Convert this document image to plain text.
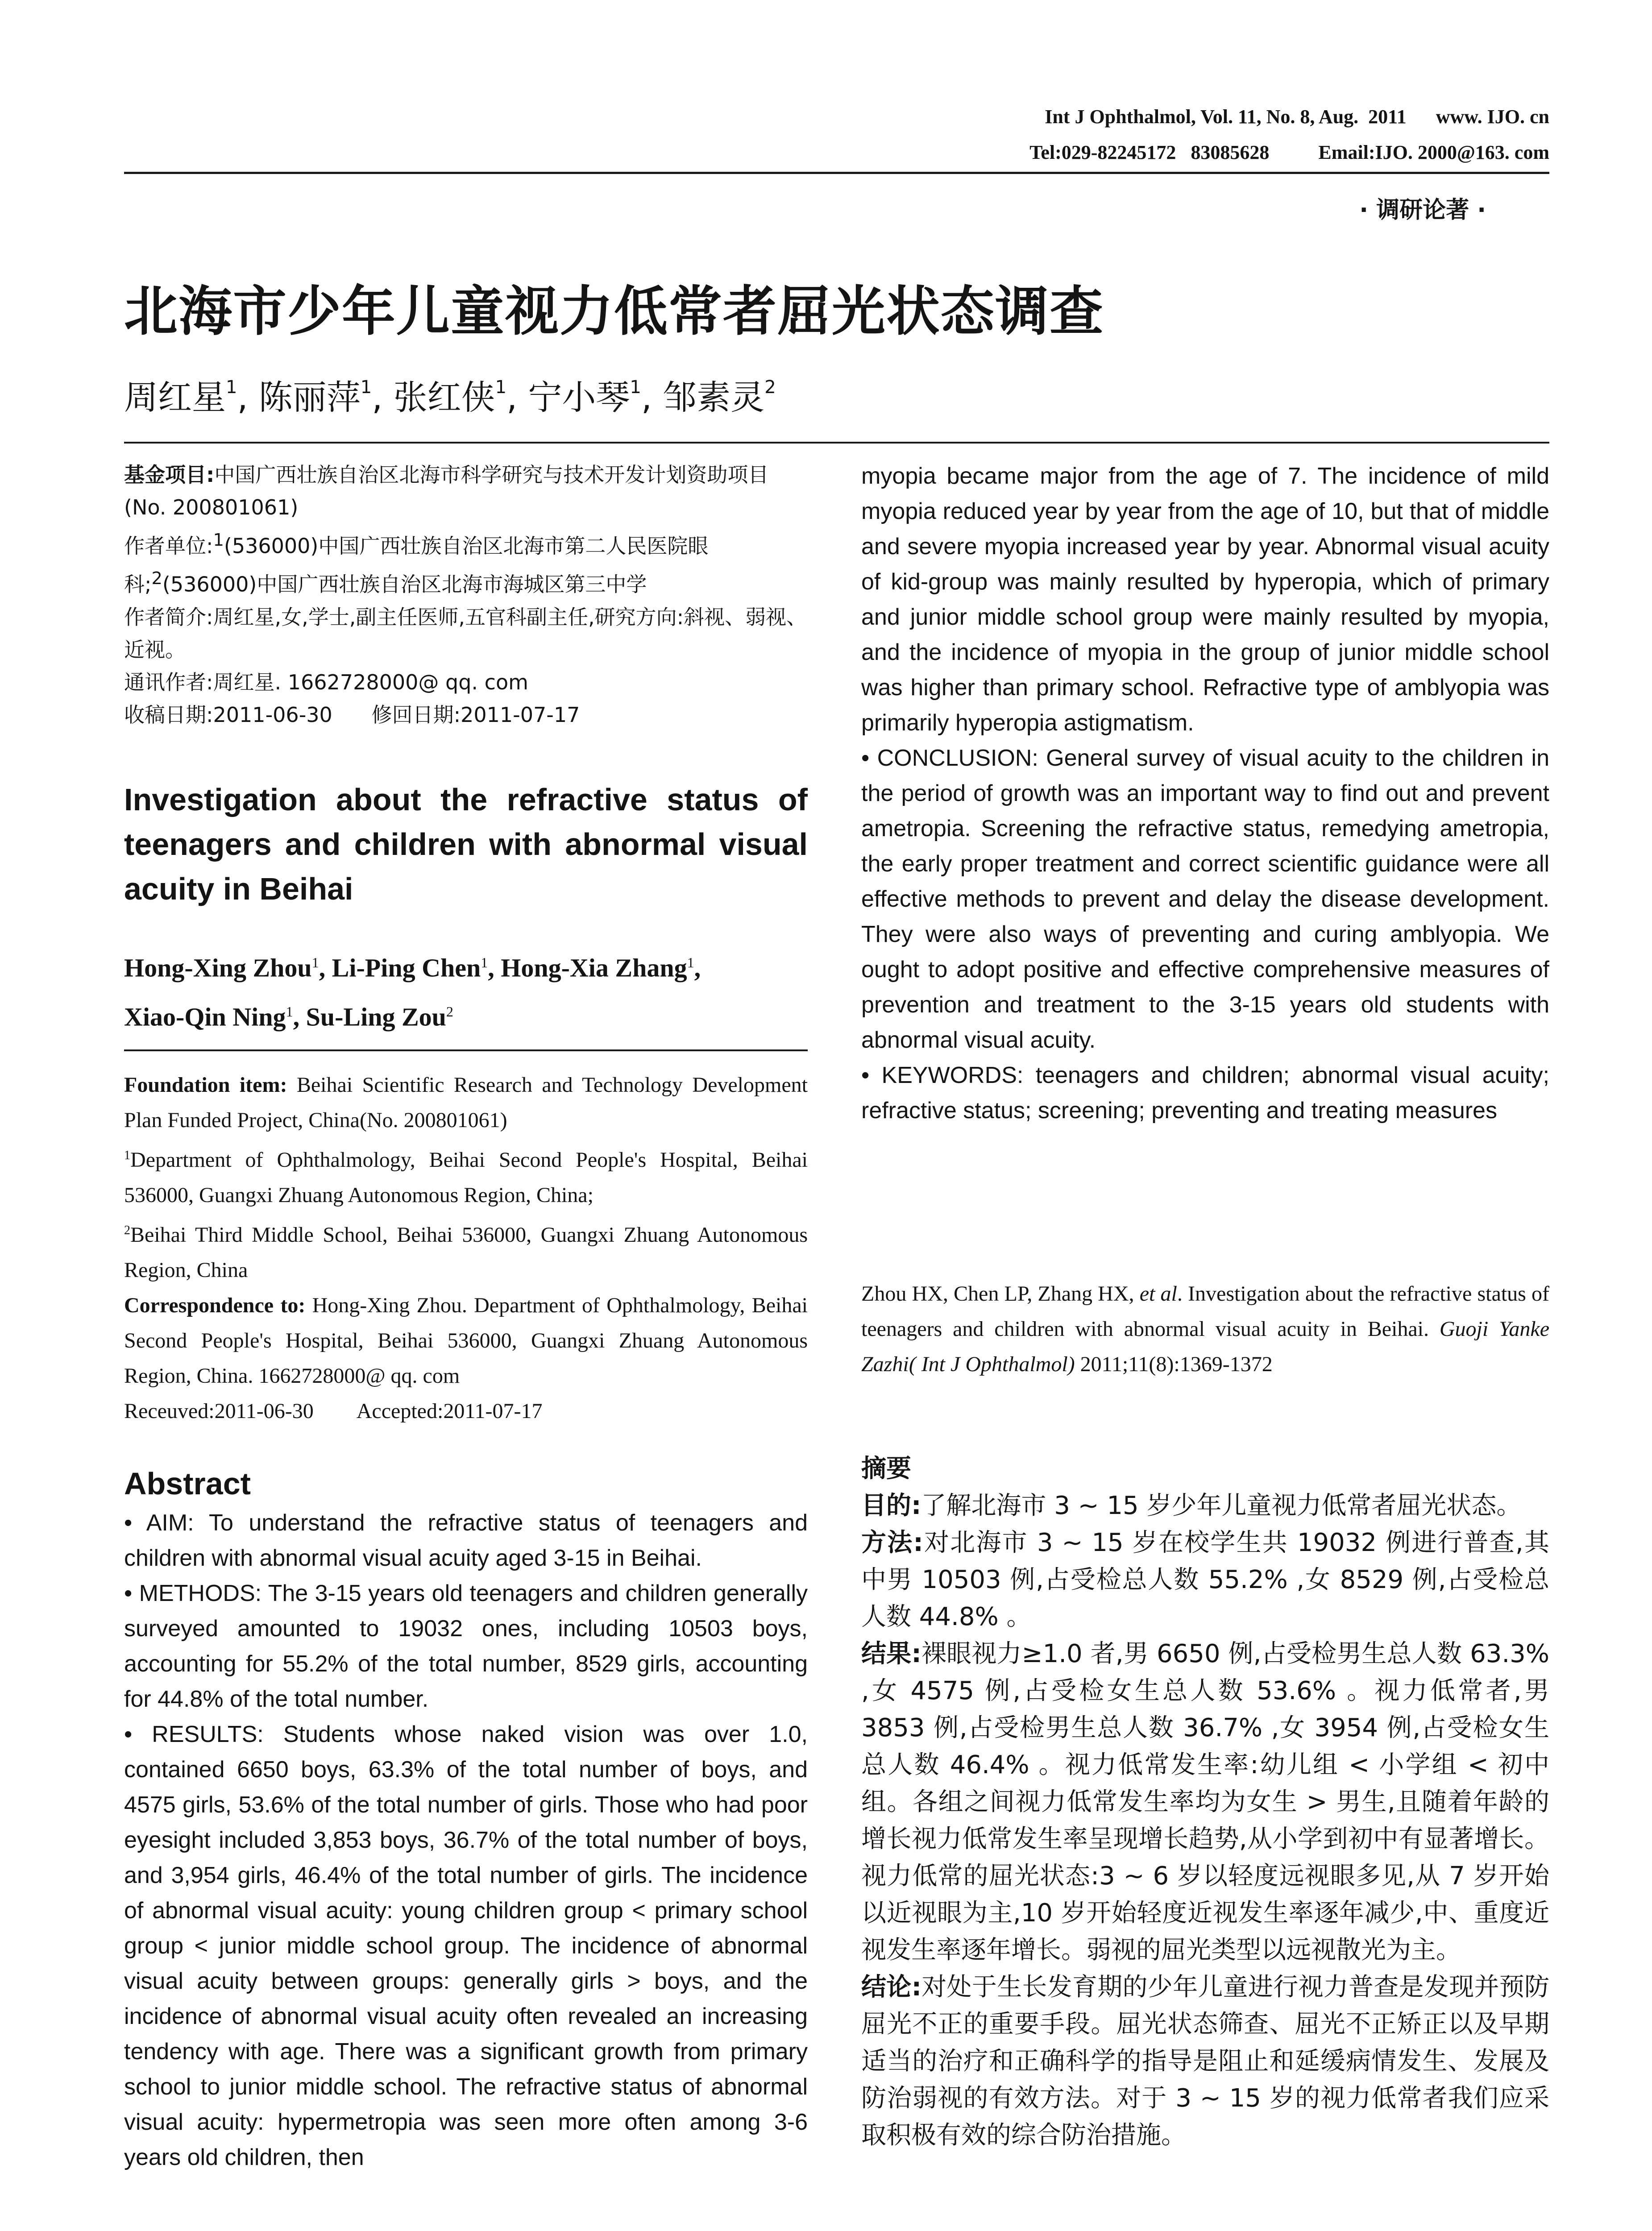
Int J Ophthalmol, Vol. 11, No. 8, Aug.  2011      www. IJO. cn
Tel:029-82245172   83085628          Email:IJO. 2000@163. com
· 调研论著 ·
北海市少年儿童视力低常者屈光状态调查
周红星$^1$, 陈丽萍$^1$, 张红侠$^1$, 宁小琴$^1$, 邹素灵$^2$

基金项目:中国广西壮族自治区北海市科学研究与技术开发计划资助项目(No. 200801061)

作者单位:$^1$(536000)中国广西壮族自治区北海市第二人民医院眼科;$^2$(536000)中国广西壮族自治区北海市海城区第三中学

作者简介:周红星,女,学士,副主任医师,五官科副主任,研究方向:斜视、弱视、近视。

通讯作者:周红星. 1662728000@ qq. com

收稿日期:2011-06-30 修回日期:2011-07-17

Investigation about the refractive status of teenagers and children with abnormal visual acuity in Beihai
Hong-Xing Zhou$^1$, Li-Ping Chen$^1$, Hong-Xia Zhang$^1$,
Xiao-Qin Ning$^1$, Su-Ling Zou$^2$

Foundation item: Beihai Scientific Research and Technology Development Plan Funded Project, China(No. 200801061)

$^1$Department of Ophthalmology, Beihai Second People's Hospital, Beihai 536000, Guangxi Zhuang Autonomous Region, China;

$^2$Beihai Third Middle School, Beihai 536000, Guangxi Zhuang Autonomous Region, China

Correspondence to: Hong-Xing Zhou. Department of Ophthalmology, Beihai Second People's Hospital, Beihai 536000, Guangxi Zhuang Autonomous Region, China. 1662728000@ qq. com

Receuved:2011-06-30 Accepted:2011-07-17

Abstract

• AIM: To understand the refractive status of teenagers and children with abnormal visual acuity aged 3-15 in Beihai.

• METHODS: The 3-15 years old teenagers and children generally surveyed amounted to 19032 ones, including 10503 boys, accounting for 55.2% of the total number, 8529 girls, accounting for 44.8% of the total number.

• RESULTS: Students whose naked vision was over 1.0, contained 6650 boys, 63.3% of the total number of boys, and 4575 girls, 53.6% of the total number of girls. Those who had poor eyesight included 3,853 boys, 36.7% of the total number of boys, and 3,954 girls, 46.4% of the total number of girls. The incidence of abnormal visual acuity: young children group < primary school group < junior middle school group. The incidence of abnormal visual acuity between groups: generally girls > boys, and the incidence of abnormal visual acuity often revealed an increasing tendency with age. There was a significant growth from primary school to junior middle school. The refractive status of abnormal visual acuity: hypermetropia was seen more often among 3-6 years old children, then

myopia became major from the age of 7. The incidence of mild myopia reduced year by year from the age of 10, but that of middle and severe myopia increased year by year. Abnormal visual acuity of kid-group was mainly resulted by hyperopia, which of primary and junior middle school group were mainly resulted by myopia, and the incidence of myopia in the group of junior middle school was higher than primary school. Refractive type of amblyopia was primarily hyperopia astigmatism.

• CONCLUSION: General survey of visual acuity to the children in the period of growth was an important way to find out and prevent ametropia. Screening the refractive status, remedying ametropia, the early proper treatment and correct scientific guidance were all effective methods to prevent and delay the disease development. They were also ways of preventing and curing amblyopia. We ought to adopt positive and effective comprehensive measures of prevention and treatment to the 3-15 years old students with abnormal visual acuity.

• KEYWORDS: teenagers and children; abnormal visual acuity; refractive status; screening; preventing and treating measures

Zhou HX, Chen LP, Zhang HX, et al. Investigation about the refractive status of teenagers and children with abnormal visual acuity in Beihai. Guoji Yanke Zazhi( Int J Ophthalmol) 2011;11(8):1369-1372
摘要

目的:了解北海市 3 ~ 15 岁少年儿童视力低常者屈光状态。

方法:对北海市 3 ~ 15 岁在校学生共 19032 例进行普查,其中男 10503 例,占受检总人数 55.2% ,女 8529 例,占受检总人数 44.8% 。

结果:裸眼视力≥1.0 者,男 6650 例,占受检男生总人数 63.3% ,女 4575 例,占受检女生总人数 53.6% 。视力低常者,男 3853 例,占受检男生总人数 36.7% ,女 3954 例,占受检女生总人数 46.4% 。视力低常发生率:幼儿组 < 小学组 < 初中组。各组之间视力低常发生率均为女生 > 男生,且随着年龄的增长视力低常发生率呈现增长趋势,从小学到初中有显著增长。视力低常的屈光状态:3 ~ 6 岁以轻度远视眼多见,从 7 岁开始以近视眼为主,10 岁开始轻度近视发生率逐年减少,中、重度近视发生率逐年增长。弱视的屈光类型以远视散光为主。

结论:对处于生长发育期的少年儿童进行视力普查是发现并预防屈光不正的重要手段。屈光状态筛查、屈光不正矫正以及早期适当的治疗和正确科学的指导是阻止和延缓病情发生、发展及防治弱视的有效方法。对于 3 ~ 15 岁的视力低常者我们应采取积极有效的综合防治措施。
